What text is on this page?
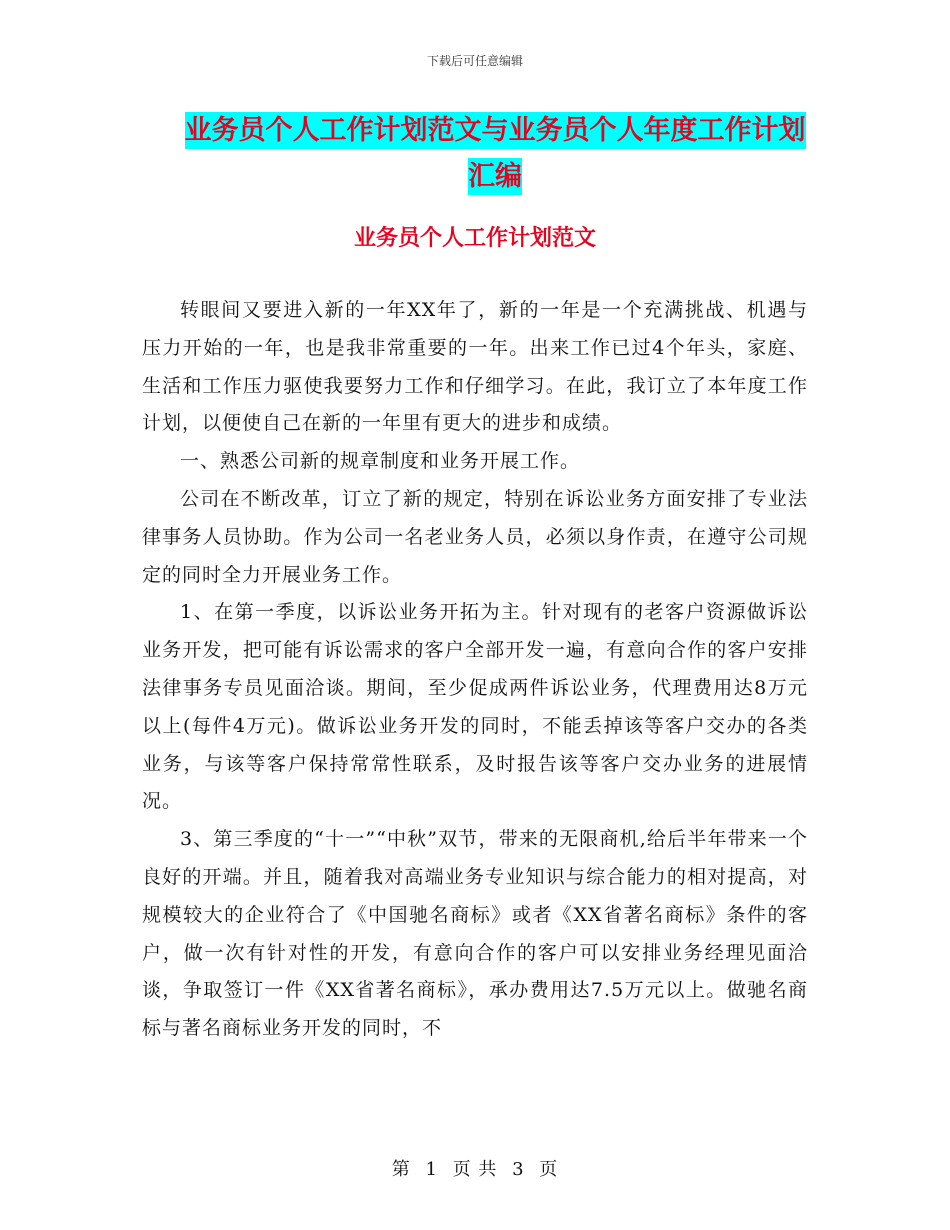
下载后可任意编辑
业务员个人工作计划范文与业务员个人年度工作计划
汇编
业务员个人工作计划范文

转眼间又要进入新的一年XX年了，新的一年是一个充满挑战、机遇与压力开始的一年，也是我非常重要的一年。出来工作已过4个年头，家庭、生活和工作压力驱使我要努力工作和仔细学习。在此，我订立了本年度工作计划，以便使自己在新的一年里有更大的进步和成绩。

一、熟悉公司新的规章制度和业务开展工作。

公司在不断改革，订立了新的规定，特别在诉讼业务方面安排了专业法律事务人员协助。作为公司一名老业务人员，必须以身作责，在遵守公司规定的同时全力开展业务工作。

1、在第一季度，以诉讼业务开拓为主。针对现有的老客户资源做诉讼业务开发，把可能有诉讼需求的客户全部开发一遍，有意向合作的客户安排法律事务专员见面洽谈。期间，至少促成两件诉讼业务，代理费用达8万元以上(每件4万元)。做诉讼业务开发的同时，不能丢掉该等客户交办的各类业务，与该等客户保持常常性联系，及时报告该等客户交办业务的进展情况。

3、第三季度的“十一”“中秋”双节，带来的无限商机,给后半年带来一个良好的开端。并且，随着我对高端业务专业知识与综合能力的相对提高，对规模较大的企业符合了《中国驰名商标》或者《XX省著名商标》条件的客户，做一次有针对性的开发，有意向合作的客户可以安排业务经理见面洽谈，争取签订一件《XX省著名商标》，承办费用达7.5万元以上。做驰名商标与著名商标业务开发的同时，不

第 1 页 共 3 页
